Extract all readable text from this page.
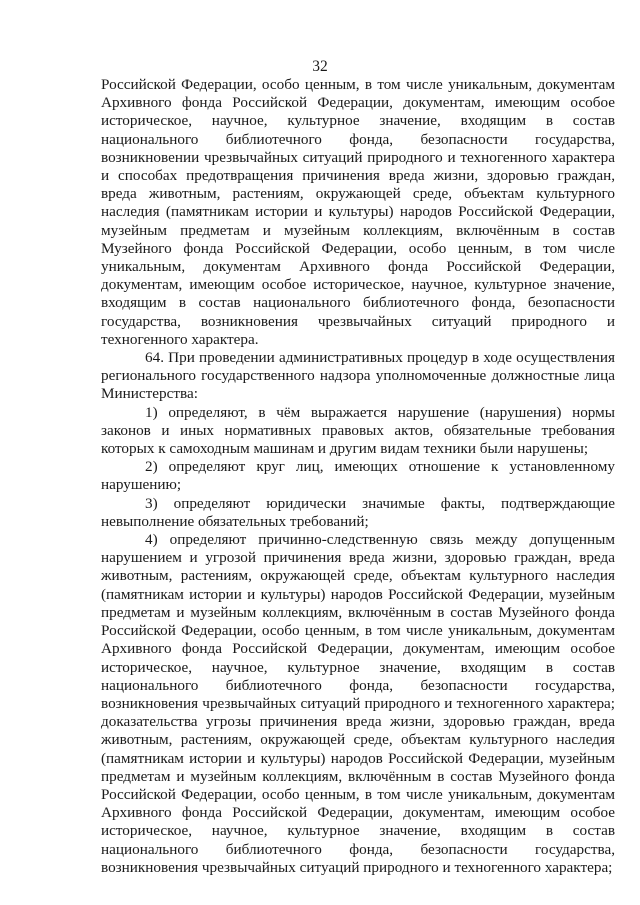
32

Российской Федерации, особо ценным, в том числе уникальным, документам Архивного фонда Российской Федерации, документам, имеющим особое историческое, научное, культурное значение, входящим в состав национального библиотечного фонда, безопасности государства, возникновении чрезвычайных ситуаций природного и техногенного характера и способах предотвращения причинения вреда жизни, здоровью граждан, вреда животным, растениям, окружающей среде, объектам культурного наследия (памятникам истории и культуры) народов Российской Федерации, музейным предметам и музейным коллекциям, включённым в состав Музейного фонда Российской Федерации, особо ценным, в том числе уникальным, документам Архивного фонда Российской Федерации, документам, имеющим особое историческое, научное, культурное значение, входящим в состав национального библиотечного фонда, безопасности государства, возникновения чрезвычайных ситуаций природного и техногенного характера.

64. При проведении административных процедур в ходе осуществления регионального государственного надзора уполномоченные должностные лица Министерства:

1) определяют, в чём выражается нарушение (нарушения) нормы законов и иных нормативных правовых актов, обязательные требования которых к самоходным машинам и другим видам техники были нарушены;

2) определяют круг лиц, имеющих отношение к установленному нарушению;

3) определяют юридически значимые факты, подтверждающие невыполнение обязательных требований;

4) определяют причинно-следственную связь между допущенным нарушением и угрозой причинения вреда жизни, здоровью граждан, вреда животным, растениям, окружающей среде, объектам культурного наследия (памятникам истории и культуры) народов Российской Федерации, музейным предметам и музейным коллекциям, включённым в состав Музейного фонда Российской Федерации, особо ценным, в том числе уникальным, документам Архивного фонда Российской Федерации, документам, имеющим особое историческое, научное, культурное значение, входящим в состав национального библиотечного фонда, безопасности государства, возникновения чрезвычайных ситуаций природного и техногенного характера; доказательства угрозы причинения вреда жизни, здоровью граждан, вреда животным, растениям, окружающей среде, объектам культурного наследия (памятникам истории и культуры) народов Российской Федерации, музейным предметам и музейным коллекциям, включённым в состав Музейного фонда Российской Федерации, особо ценным, в том числе уникальным, документам Архивного фонда Российской Федерации, документам, имеющим особое историческое, научное, культурное значение, входящим в состав национального библиотечного фонда, безопасности государства, возникновения чрезвычайных ситуаций природного и техногенного характера;
